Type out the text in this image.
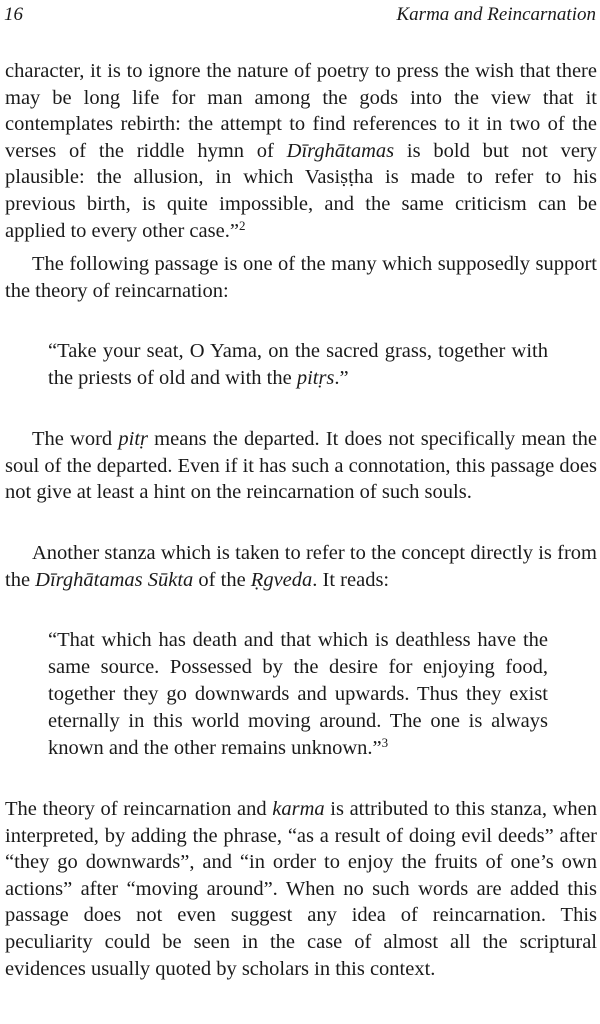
16	Karma and Reincarnation

character, it is to ignore the nature of poetry to press the wish that there may be long life for man among the gods into the view that it contemplates rebirth: the attempt to find references to it in two of the verses of the riddle hymn of Dīrghātamas is bold but not very plausible: the allusion, in which Vasiṣṭha is made to refer to his previous birth, is quite impossible, and the same criticism can be applied to every other case.”$^2$

The following passage is one of the many which supposedly support the theory of reincarnation:

“Take your seat, O Yama, on the sacred grass, together with the priests of old and with the pitṛs.”

The word pitṛ means the departed. It does not specifically mean the soul of the departed. Even if it has such a connotation, this passage does not give at least a hint on the reincarnation of such souls.

Another stanza which is taken to refer to the concept directly is from the Dīrghātamas Sūkta of the Ṛgveda. It reads:

“That which has death and that which is deathless have the same source. Possessed by the desire for enjoying food, together they go downwards and upwards. Thus they exist eternally in this world moving around. The one is always known and the other remains unknown.”$^3$

The theory of reincarnation and karma is attributed to this stanza, when interpreted, by adding the phrase, “as a result of doing evil deeds” after “they go downwards”, and “in order to enjoy the fruits of one’s own actions” after “moving around”. When no such words are added this passage does not even suggest any idea of reincarnation. This peculiarity could be seen in the case of almost all the scriptural evidences usually quoted by scholars in this context.
